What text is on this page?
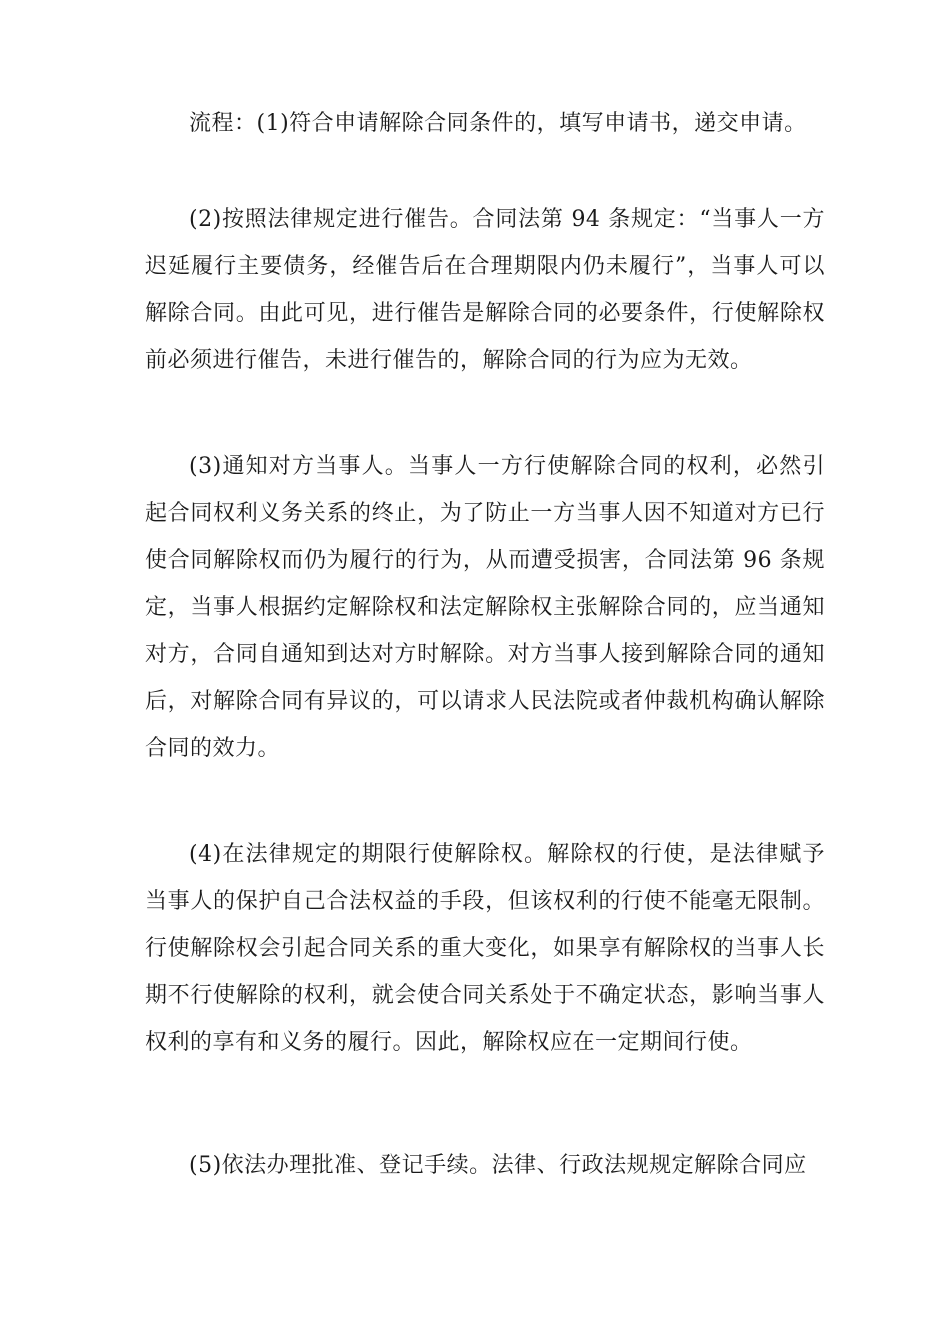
流程：(1)符合申请解除合同条件的，填写申请书，递交申请。

(2)按照法律规定进行催告。合同法第 94 条规定：“当事人一方迟延履行主要债务，经催告后在合理期限内仍未履行”，当事人可以解除合同。由此可见，进行催告是解除合同的必要条件，行使解除权前必须进行催告，未进行催告的，解除合同的行为应为无效。

(3)通知对方当事人。当事人一方行使解除合同的权利，必然引起合同权利义务关系的终止，为了防止一方当事人因不知道对方已行使合同解除权而仍为履行的行为，从而遭受损害，合同法第 96 条规定，当事人根据约定解除权和法定解除权主张解除合同的，应当通知对方，合同自通知到达对方时解除。对方当事人接到解除合同的通知后，对解除合同有异议的，可以请求人民法院或者仲裁机构确认解除合同的效力。

(4)在法律规定的期限行使解除权。解除权的行使，是法律赋予当事人的保护自己合法权益的手段，但该权利的行使不能毫无限制。行使解除权会引起合同关系的重大变化，如果享有解除权的当事人长期不行使解除的权利，就会使合同关系处于不确定状态，影响当事人权利的享有和义务的履行。因此，解除权应在一定期间行使。

(5)依法办理批准、登记手续。法律、行政法规规定解除合同应
